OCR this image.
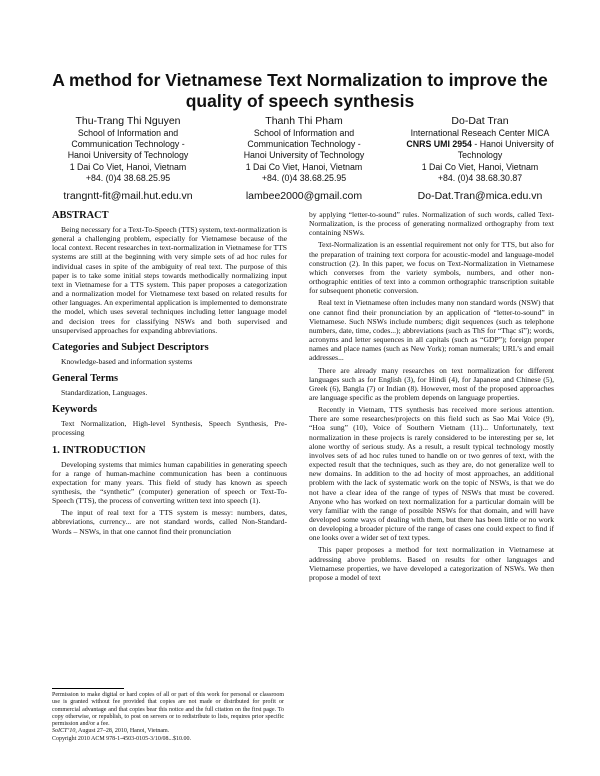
A method for Vietnamese Text Normalization to improve the quality of speech synthesis
Thu-Trang Thi Nguyen
School of Information and
Communication Technology -
Hanoi University of Technology
1 Dai Co Viet, Hanoi, Vietnam
+84. (0)4 38.68.25.95
trangntt-fit@mail.hut.edu.vn
Thanh Thi Pham
School of Information and
Communication Technology -
Hanoi University of Technology
1 Dai Co Viet, Hanoi, Vietnam
+84. (0)4 38.68.25.95
lambee2000@gmail.com
Do-Dat Tran
International Reseach Center MICA
CNRS UMI 2954 - Hanoi University of Technology
1 Dai Co Viet, Hanoi, Vietnam
+84. (0)4 38.68.30.87
Do-Dat.Tran@mica.edu.vn
ABSTRACT

Being necessary for a Text-To-Speech (TTS) system, text-normalization is general a challenging problem, especially for Vietnamese because of the local context. Recent researches in text-normalization in Vietnamese for TTS systems are still at the beginning with very simple sets of ad hoc rules for individual cases in spite of the ambiguity of real text. The purpose of this paper is to take some initial steps towards methodically normalizing input text in Vietnamese for a TTS system. This paper proposes a categorization and a normalization model for Vietnamese text based on related results for other languages. An experimental application is implemented to demonstrate the model, which uses several techniques including letter language model and decision trees for classifying NSWs and both supervised and unsupervised approaches for expanding abbreviations.

Categories and Subject Descriptors

Knowledge-based and information systems

General Terms

Standardization, Languages.

Keywords

Text Normalization, High-level Synthesis, Speech Synthesis, Pre-processing

1. INTRODUCTION

Developing systems that mimics human capabilities in generating speech for a range of human-machine communication has been a continuous expectation for many years. This field of study has known as speech synthesis, the “synthetic” (computer) generation of speech or Text-To-Speech (TTS), the process of converting written text into speech (1).

The input of real text for a TTS system is messy: numbers, dates, abbreviations, currency... are not standard words, called Non-Standard-Words – NSWs, in that one cannot find their pronunciation

Permission to make digital or hard copies of all or part of this work for personal or classroom use is granted without fee provided that copies are not made or distributed for profit or commercial advantage and that copies bear this notice and the full citation on the first page. To copy otherwise, or republish, to post on servers or to redistribute to lists, requires prior specific permission and/or a fee.

SoICT’10, August 27–28, 2010, Hanoi, Vietnam.

Copyright 2010 ACM 978-1-4503-0105-3/10/08...$10.00.

by applying “letter-to-sound” rules. Normalization of such words, called Text-Normalization, is the process of generating normalized orthography from text containing NSWs.

Text-Normalization is an essential requirement not only for TTS, but also for the preparation of training text corpora for acoustic-model and language-model construction (2). In this paper, we focus on Text-Normalization in Vietnamese which converses from the variety symbols, numbers, and other non-orthographic entities of text into a common orthographic transcription suitable for subsequent phonetic conversion.

Real text in Vietnamese often includes many non standard words (NSW) that one cannot find their pronunciation by an application of “letter-to-sound” in Vietnamese. Such NSWs include numbers; digit sequences (such as telephone numbers, date, time, codes...); abbreviations (such as ThS for “Thạc sĩ”); words, acronyms and letter sequences in all capitals (such as “GDP”); foreign proper names and place names (such as New York); roman numerals; URL’s and email addresses...

There are already many researches on text normalization for different languages such as for English (3), for Hindi (4), for Japanese and Chinese (5), Greek (6), Bangla (7) or Indian (8). However, most of the proposed approaches are language specific as the problem depends on language properties.

Recently in Vietnam, TTS synthesis has received more serious attention. There are some researches/projects on this field such as Sao Mai Voice (9), “Hoa sung” (10), Voice of Southern Vietnam (11)... Unfortunately, text normalization in these projects is rarely considered to be interesting per se, let alone worthy of serious study. As a result, a result typical technology mostly involves sets of ad hoc rules tuned to handle on or two genres of text, with the expected result that the techniques, such as they are, do not generalize well to new domains. In addition to the ad hocity of most approaches, an additional problem with the lack of systematic work on the topic of NSWs, is that we do not have a clear idea of the range of types of NSWs that must be covered. Anyone who has worked on text normalization for a particular domain will be very familiar with the range of possible NSWs for that domain, and will have developed some ways of dealing with them, but there has been little or no work on developing a broader picture of the range of cases one could expect to find if one looks over a wider set of text types.

This paper proposes a method for text normalization in Vietnamese at addressing above problems. Based on results for other languages and Vietnamese properties, we have developed a categorization of NSWs. We then propose a model of text
